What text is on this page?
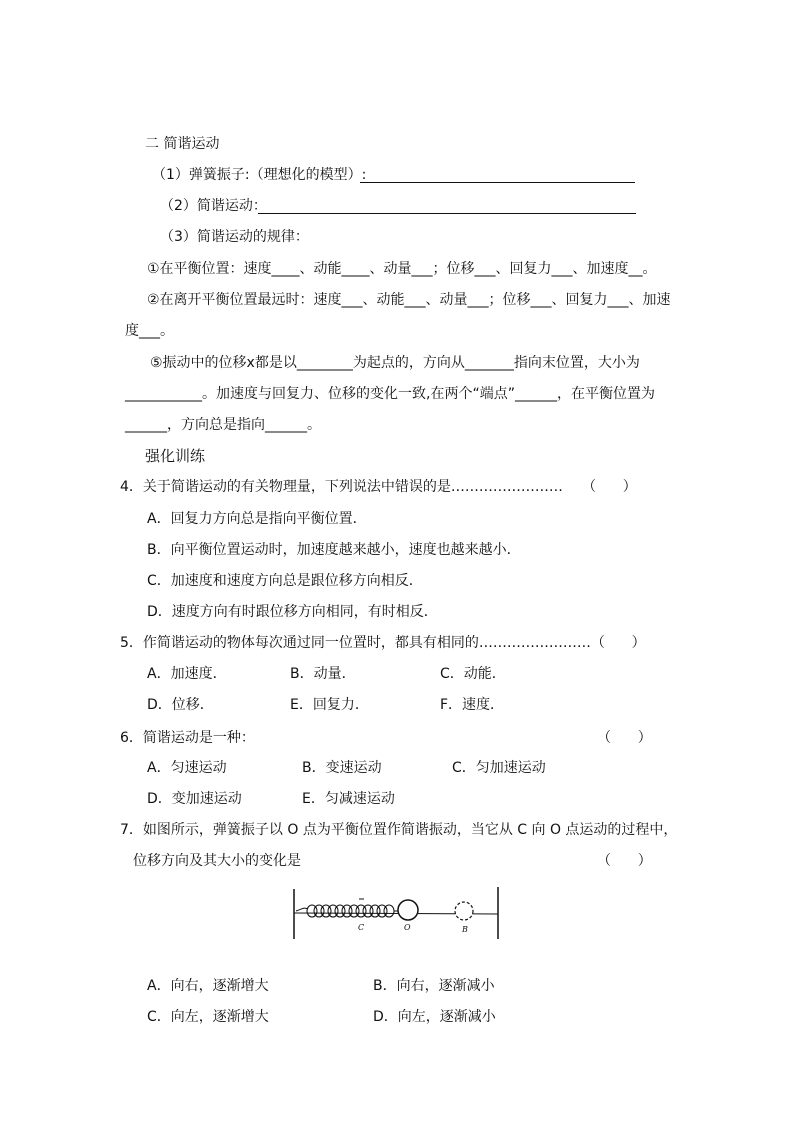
二 简谐运动
（1）弹簧振子:（理想化的模型）:
（2）简谐运动：
（3）简谐运动的规律：
①在平衡位置：速度____、动能____、动量___；位移___、回复力___、加速度__。
②在离开平衡位置最远时：速度___、动能___、动量___；位移___、回复力___、加速
度___。
⑤振动中的位移x都是以________为起点的，方向从_______指向末位置，大小为
___________。加速度与回复力、位移的变化一致,在两个“端点”______，在平衡位置为
______，方向总是指向______。
强化训练
4．关于简谐运动的有关物理量，下列说法中错误的是…………………… （      ）
A．回复力方向总是指向平衡位置．
B．向平衡位置运动时，加速度越来越小，速度也越来越小．
C．加速度和速度方向总是跟位移方向相反．
D．速度方向有时跟位移方向相同，有时相反．
5．作简谐运动的物体每次通过同一位置时，都具有相同的……………………（      ）
A．加速度．	B．动量．	C．动能．
D．位移．	E．回复力．	F．速度．
6．简谐运动是一种：	（      ）
A．匀速运动	B．变速运动	C．匀加速运动
D．变加速运动	E．匀减速运动
7．如图所示，弹簧振子以 O 点为平衡位置作简谐振动，当它从 C 向 O 点运动的过程中，
位移方向及其大小的变化是	（      ）
C	O	B
A．向右，逐渐增大	B．向右，逐渐减小
C．向左，逐渐增大	D．向左，逐渐减小
